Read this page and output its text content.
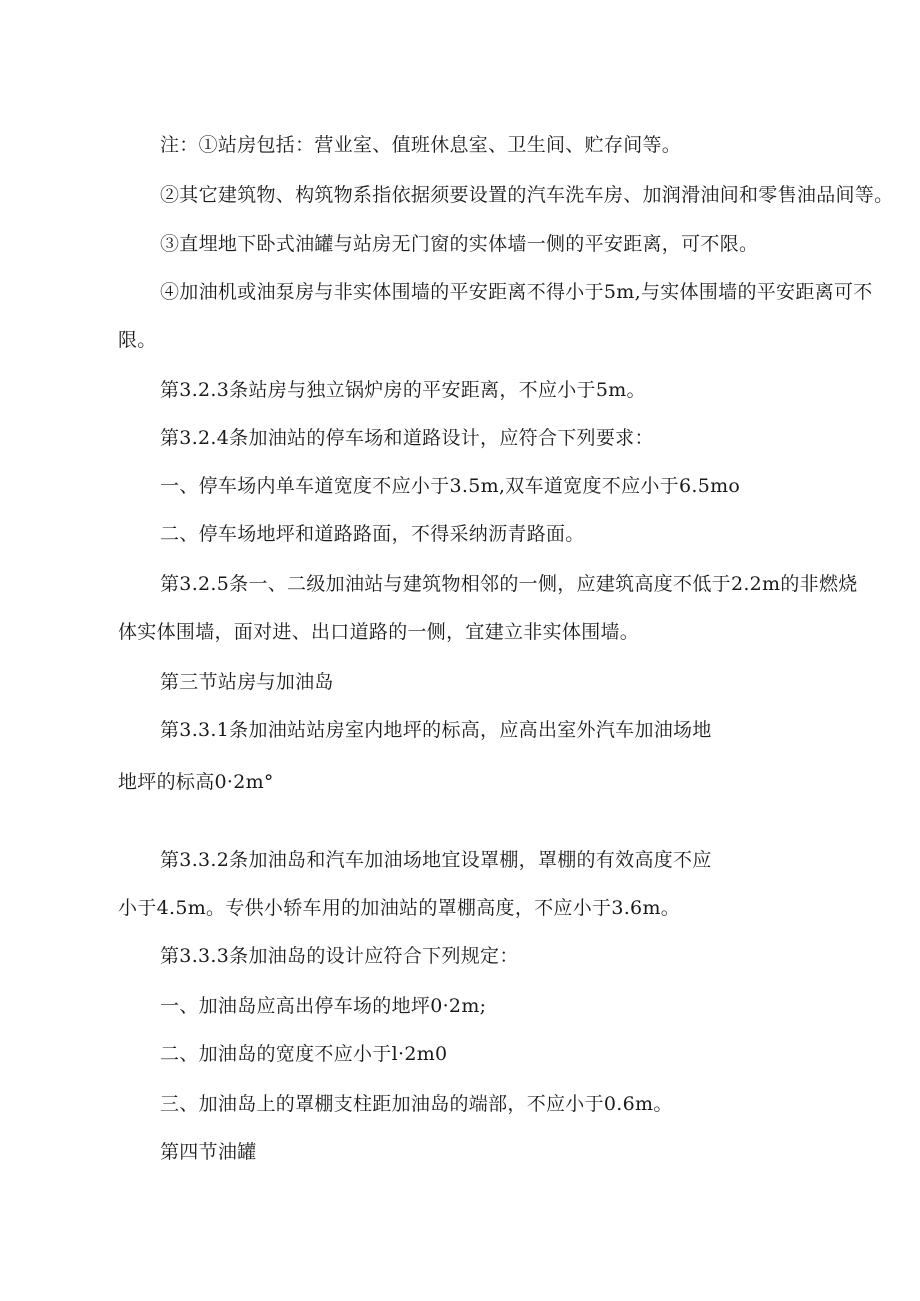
注：①站房包括：营业室、值班休息室、卫生间、贮存间等。
②其它建筑物、构筑物系指依据须要设置的汽车洗车房、加润滑油间和零售油品间等。
③直埋地下卧式油罐与站房无门窗的实体墙一侧的平安距离，可不限。
④加油机或油泵房与非实体围墙的平安距离不得小于5m,与实体围墙的平安距离可不
限。
第3.2.3条站房与独立锅炉房的平安距离，不应小于5m。
第3.2.4条加油站的停车场和道路设计，应符合下列要求：
一、停车场内单车道宽度不应小于3.5m,双车道宽度不应小于6.5mo
二、停车场地坪和道路路面，不得采纳沥青路面。
第3.2.5条一、二级加油站与建筑物相邻的一侧，应建筑高度不低于2.2m的非燃烧
体实体围墙，面对进、出口道路的一侧，宜建立非实体围墙。
第三节站房与加油岛
第3.3.1条加油站站房室内地坪的标高，应高出室外汽车加油场地
地坪的标高0·2m°
第3.3.2条加油岛和汽车加油场地宜设罩棚，罩棚的有效高度不应
小于4.5m。专供小轿车用的加油站的罩棚高度，不应小于3.6m。
第3.3.3条加油岛的设计应符合下列规定：
一、加油岛应高出停车场的地坪0·2m;
二、加油岛的宽度不应小于l·2m0
三、加油岛上的罩棚支柱距加油岛的端部，不应小于0.6m。
第四节油罐
